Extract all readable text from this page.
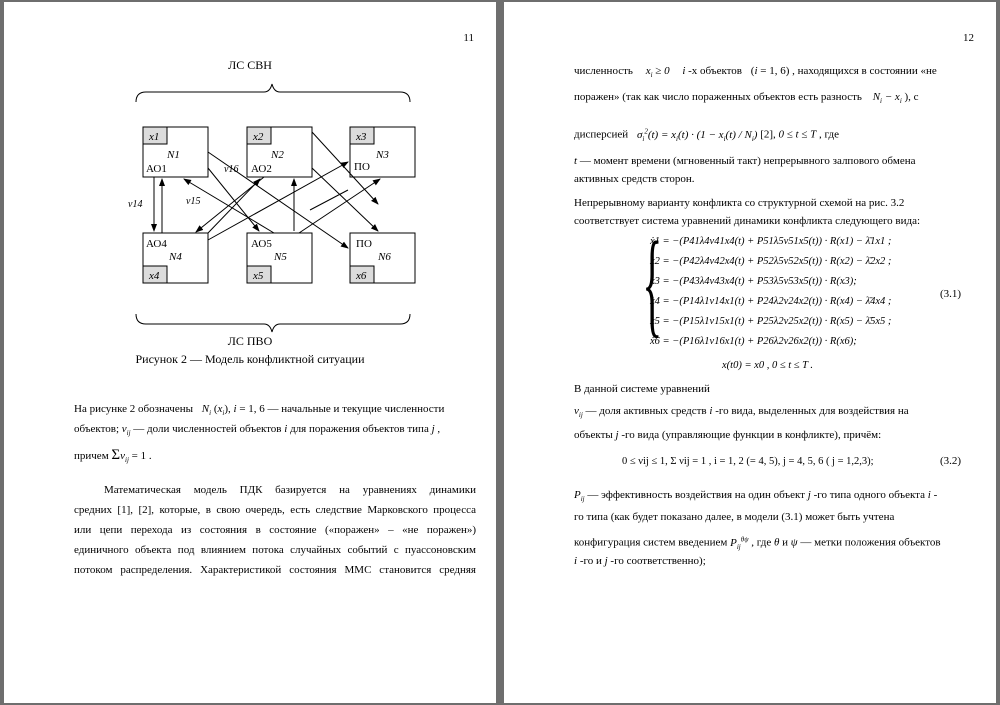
11
ЛС СВН
x1
N1
АО1
x2
N2
АО2
x3
N3
ПО
АО4
N4
x4
АО5
N5
x5
ПО
N6
x6
ν16
ν15
ν14
ЛС ПВО
Рисунок 2 — Модель конфликтной ситуации
На рисунке 2 обозначены $N_i$ $(x_i)$, i = 1, 6 — начальные и текущие численности
объектов; $\nu_{ij}$ — доли численностей объектов i для поражения объектов типа j ,
причем $\Sigma\nu_{ij} = 1$ .
Математическая модель ПДК базируется на уравнениях динамики
средних [1], [2], которые, в свою очередь, есть следствие Марковского процесса
или цепи перехода из состояния в состояние («поражен» – «не поражен»)
единичного объекта под влиянием потока случайных событий с пуассоновским
потоком распределения. Характеристикой состояния ММС становится средняя
12
численность $x_i \ge 0$ i -х объектов (i = 1, 6) , находящихся в состоянии «не
поражен» (так как число пораженных объектов есть разность $N_i - x_i$ ), с
дисперсией $\sigma_i^2(t) = x_i(t) \cdot (1 - x_i(t) / N_i)$ [2], 0 ≤ t ≤ T , где
t — момент времени (мгновенный такт) непрерывного залпового обмена
активных средств сторон.
Непрерывному варианту конфликта со структурной схемой на рис. 3.2
соответствует система уравнений динамики конфликта следующего вида:
{
ẋ1 = −(P41λ4ν41x4(t) + P51λ5ν51x5(t)) · R(x1) − λ̄1x1 ;
ẋ2 = −(P42λ4ν42x4(t) + P52λ5ν52x5(t)) · R(x2) − λ̄2x2 ;
ẋ3 = −(P43λ4ν43x4(t) + P53λ5ν53x5(t)) · R(x3);
ẋ4 = −(P14λ1ν14x1(t) + P24λ2ν24x2(t)) · R(x4) − λ̄4x4 ;
ẋ5 = −(P15λ1ν15x1(t) + P25λ2ν25x2(t)) · R(x5) − λ̄5x5 ;
ẋ6 = −(P16λ1ν16x1(t) + P26λ2ν26x2(t)) · R(x6);
(3.1)
x(t0) = x0 , 0 ≤ t ≤ T .
В данной системе уравнений
$\nu_{ij}$ — доля активных средств i -го вида, выделенных для воздействия на
объекты j -го вида (управляющие функции в конфликте), причём:
0 ≤ νij ≤ 1, Σ νij = 1 , i = 1, 2 (= 4, 5), j = 4, 5, 6 ( j = 1,2,3);	(3.2)
$P_{ij}$ — эффективность воздействия на один объект j -го типа одного объекта i -
го типа (как будет показано далее, в модели (3.1) может быть учтена
конфигурация систем введением $P_{ij}^{\theta\psi}$ , где θ и ψ — метки положения объектов
i -го и j -го соответственно);
